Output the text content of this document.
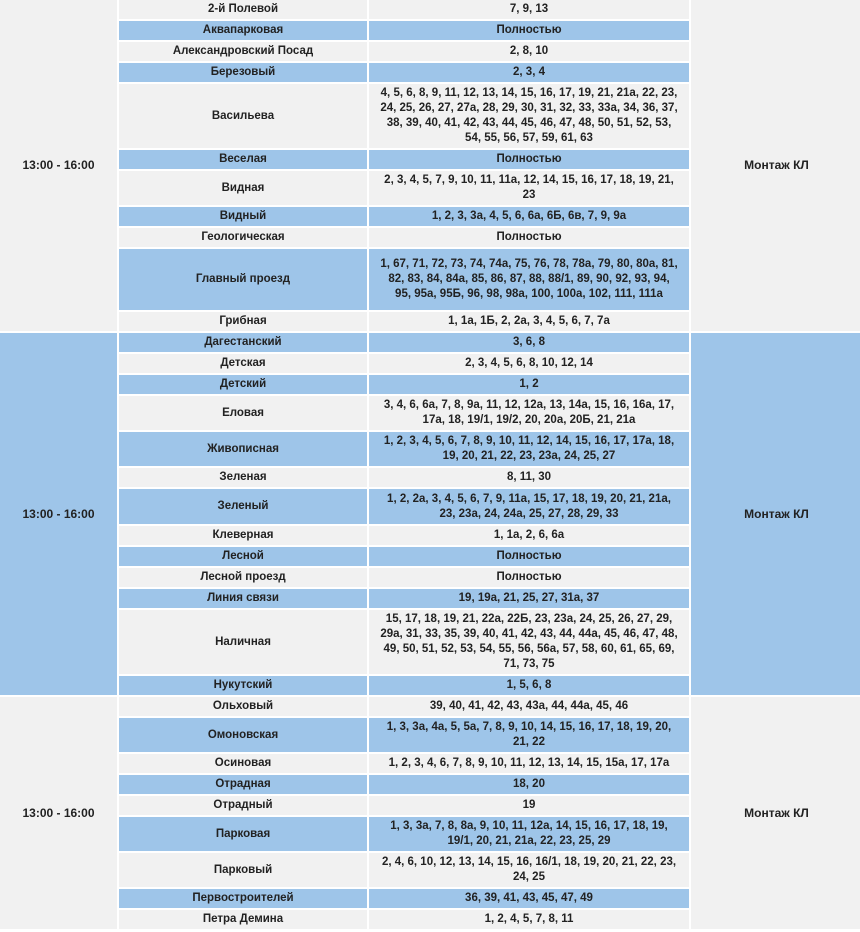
13:00 - 16:00	2-й Полевой	7, 9, 13	Монтаж КЛ
	Аквапарковая	Полностью	
	Александровский Посад	2, 8, 10	
	Березовый	2, 3, 4	
	Васильева	4, 5, 6, 8, 9, 11, 12, 13, 14, 15, 16, 17, 19, 21, 21а, 22, 23, 24, 25, 26, 27, 27а, 28, 29, 30, 31, 32, 33, 33а, 34, 36, 37, 38, 39, 40, 41, 42, 43, 44, 45, 46, 47, 48, 50, 51, 52, 53, 54, 55, 56, 57, 59, 61, 63	
	Веселая	Полностью	
	Видная	2, 3, 4, 5, 7, 9, 10, 11, 11а, 12, 14, 15, 16, 17, 18, 19, 21, 23	
	Видный	1, 2, 3, 3а, 4, 5, 6, 6а, 6Б, 6в, 7, 9, 9а	
	Геологическая	Полностью	
	Главный проезд	1, 67, 71, 72, 73, 74, 74а, 75, 76, 78, 78а, 79, 80, 80а, 81, 82, 83, 84, 84а, 85, 86, 87, 88, 88/1, 89, 90, 92, 93, 94, 95, 95а, 95Б, 96, 98, 98а, 100, 100а, 102, 111, 111а	
	Грибная	1, 1а, 1Б, 2, 2а, 3, 4, 5, 6, 7, 7а	
13:00 - 16:00	Дагестанский	3, 6, 8	Монтаж КЛ
	Детская	2, 3, 4, 5, 6, 8, 10, 12, 14	
	Детский	1, 2	
	Еловая	3, 4, 6, 6а, 7, 8, 9а, 11, 12, 12а, 13, 14а, 15, 16, 16а, 17, 17а, 18, 19/1, 19/2, 20, 20а, 20Б, 21, 21а	
	Живописная	1, 2, 3, 4, 5, 6, 7, 8, 9, 10, 11, 12, 14, 15, 16, 17, 17а, 18, 19, 20, 21, 22, 23, 23а, 24, 25, 27	
	Зеленая	8, 11, 30	
	Зеленый	1, 2, 2а, 3, 4, 5, 6, 7, 9, 11а, 15, 17, 18, 19, 20, 21, 21а, 23, 23а, 24, 24а, 25, 27, 28, 29, 33	
	Клеверная	1, 1а, 2, 6, 6а	
	Лесной	Полностью	
	Лесной проезд	Полностью	
	Линия связи	19, 19а, 21, 25, 27, 31а, 37	
	Наличная	15, 17, 18, 19, 21, 22а, 22Б, 23, 23а, 24, 25, 26, 27, 29, 29а, 31, 33, 35, 39, 40, 41, 42, 43, 44, 44а, 45, 46, 47, 48, 49, 50, 51, 52, 53, 54, 55, 56, 56а, 57, 58, 60, 61, 65, 69, 71, 73, 75	
	Нукутский	1, 5, 6, 8	
13:00 - 16:00	Ольховый	39, 40, 41, 42, 43, 43а, 44, 44а, 45, 46	Монтаж КЛ
	Омоновская	1, 3, 3а, 4а, 5, 5а, 7, 8, 9, 10, 14, 15, 16, 17, 18, 19, 20, 21, 22	
	Осиновая	1, 2, 3, 4, 6, 7, 8, 9, 10, 11, 12, 13, 14, 15, 15а, 17, 17а	
	Отрадная	18, 20	
	Отрадный	19	
	Парковая	1, 3, 3а, 7, 8, 8а, 9, 10, 11, 12а, 14, 15, 16, 17, 18, 19, 19/1, 20, 21, 21а, 22, 23, 25, 29	
	Парковый	2, 4, 6, 10, 12, 13, 14, 15, 16, 16/1, 18, 19, 20, 21, 22, 23, 24, 25	
	Первостроителей	36, 39, 41, 43, 45, 47, 49	
	Петра Демина	1, 2, 4, 5, 7, 8, 11	
